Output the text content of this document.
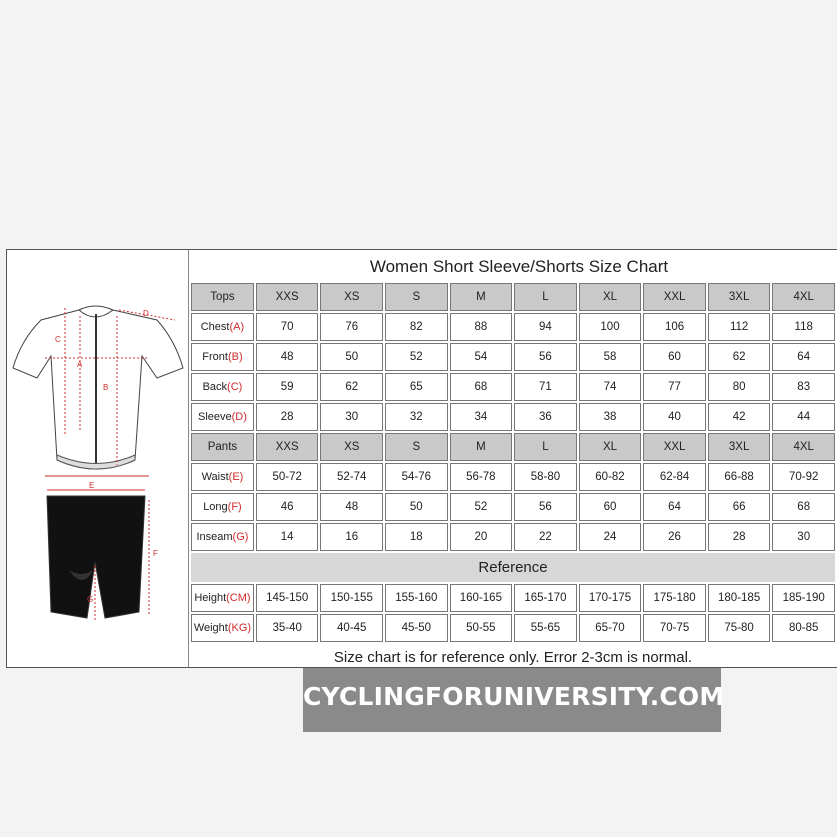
A
B
C
D
E
F
G
Women Short Sleeve/Shorts Size Chart
Tops	XXS	XS	S	M	L	XL	XXL	3XL	4XL
Chest(A)	70	76	82	88	94	100	106	112	118
Front(B)	48	50	52	54	56	58	60	62	64
Back(C)	59	62	65	68	71	74	77	80	83
Sleeve(D)	28	30	32	34	36	38	40	42	44
Pants	XXS	XS	S	M	L	XL	XXL	3XL	4XL
Waist(E)	50-72	52-74	54-76	56-78	58-80	60-82	62-84	66-88	70-92
Long(F)	46	48	50	52	56	60	64	66	68
Inseam(G)	14	16	18	20	22	24	26	28	30
Reference									
Height(CM)	145-150	150-155	155-160	160-165	165-170	170-175	175-180	180-185	185-190
Weight(KG)	35-40	40-45	45-50	50-55	55-65	65-70	70-75	75-80	80-85
Size chart is for reference only. Error 2-3cm is normal.									
CYCLINGFORUNIVERSITY.COM
